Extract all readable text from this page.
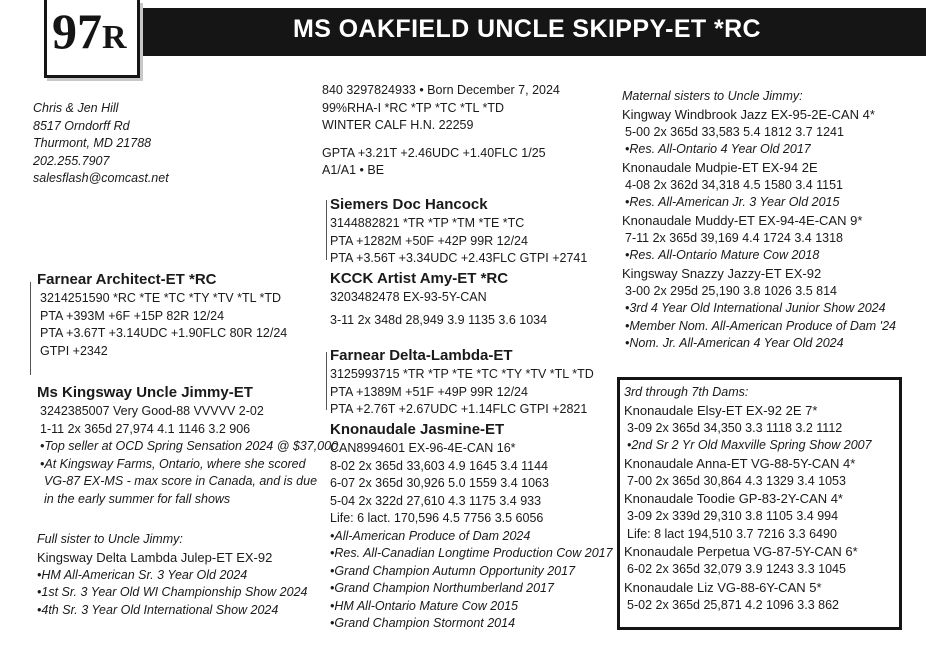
MS OAKFIELD UNCLE SKIPPY-ET *RC
97R
Chris & Jen Hill
8517 Orndorff Rd
Thurmont, MD 21788
202.255.7907
salesflash@comcast.net
Farnear Architect-ET *RC
3214251590 *RC *TE *TC *TY *TV *TL *TD
PTA +393M +6F +15P 82R 12/24
PTA +3.67T +3.14UDC +1.90FLC 80R 12/24
GTPI +2342
Ms Kingsway Uncle Jimmy-ET
3242385007 Very Good-88 VVVVV 2-02
1-11 2x 365d 27,974 4.1 1146 3.2 906
•Top seller at OCD Spring Sensation 2024 @ $37,000
•At Kingsway Farms, Ontario, where she scored
VG-87 EX-MS - max score in Canada, and is due
in the early summer for fall shows
Full sister to Uncle Jimmy:
Kingsway Delta Lambda Julep-ET EX-92
•HM All-American Sr. 3 Year Old 2024
•1st Sr. 3 Year Old WI Championship Show 2024
•4th Sr. 3 Year Old International Show 2024
840 3297824933 • Born December 7, 2024
99%RHA-I *RC *TP *TC *TL *TD
WINTER CALF H.N. 22259
GPTA +3.21T +2.46UDC +1.40FLC 1/25
A1/A1 • BE
Siemers Doc Hancock
3144882821 *TR *TP *TM *TE *TC
PTA +1282M +50F +42P 99R 12/24
PTA +3.56T +3.34UDC +2.43FLC GTPI +2741
KCCK Artist Amy-ET *RC
3203482478 EX-93-5Y-CAN
3-11 2x 348d 28,949 3.9 1135 3.6 1034
Farnear Delta-Lambda-ET
3125993715 *TR *TP *TE *TC *TY *TV *TL *TD
PTA +1389M +51F +49P 99R 12/24
PTA +2.76T +2.67UDC +1.14FLC GTPI +2821
Knonaudale Jasmine-ET
CAN8994601 EX-96-4E-CAN 16*
8-02 2x 365d 33,603 4.9 1645 3.4 1144
6-07 2x 365d 30,926 5.0 1559 3.4 1063
5-04 2x 322d 27,610 4.3 1175 3.4 933
Life: 6 lact. 170,596 4.5 7756 3.5 6056
•All-American Produce of Dam 2024
•Res. All-Canadian Longtime Production Cow 2017
•Grand Champion Autumn Opportunity 2017
•Grand Champion Northumberland 2017
•HM All-Ontario Mature Cow 2015
•Grand Champion Stormont 2014
Maternal sisters to Uncle Jimmy:
Kingway Windbrook Jazz EX-95-2E-CAN 4*
5-00 2x 365d 33,583 5.4 1812 3.7 1241
•Res. All-Ontario 4 Year Old 2017
Knonaudale Mudpie-ET EX-94 2E
4-08 2x 362d 34,318 4.5 1580 3.4 1151
•Res. All-American Jr. 3 Year Old 2015
Knonaudale Muddy-ET EX-94-4E-CAN 9*
7-11 2x 365d 39,169 4.4 1724 3.4 1318
•Res. All-Ontario Mature Cow 2018
Kingsway Snazzy Jazzy-ET EX-92
3-00 2x 295d 25,190 3.8 1026 3.5 814
•3rd 4 Year Old International Junior Show 2024
•Member Nom. All-American Produce of Dam '24
•Nom. Jr. All-American 4 Year Old 2024
3rd through 7th Dams:
Knonaudale Elsy-ET EX-92 2E 7*
3-09 2x 365d 34,350 3.3 1118 3.2 1112
•2nd Sr 2 Yr Old Maxville Spring Show 2007
Knonaudale Anna-ET VG-88-5Y-CAN 4*
7-00 2x 365d 30,864 4.3 1329 3.4 1053
Knonaudale Toodie GP-83-2Y-CAN 4*
3-09 2x 339d 29,310 3.8 1105 3.4 994
Life: 8 lact 194,510 3.7 7216 3.3 6490
Knonaudale Perpetua VG-87-5Y-CAN 6*
6-02 2x 365d 32,079 3.9 1243 3.3 1045
Knonaudale Liz VG-88-6Y-CAN 5*
5-02 2x 365d 25,871 4.2 1096 3.3 862
